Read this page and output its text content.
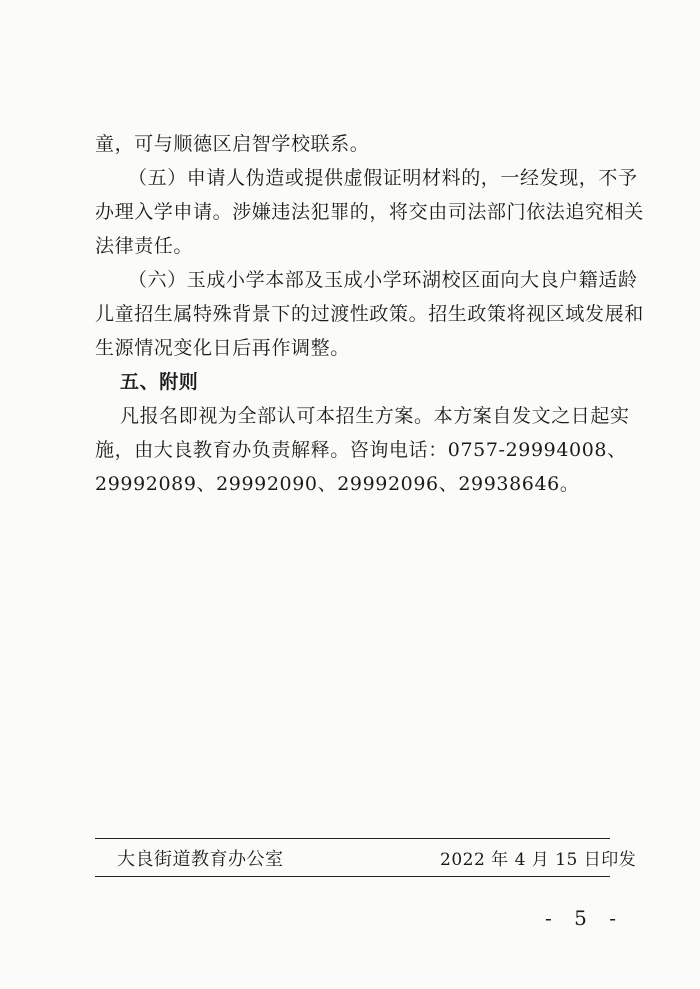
童，可与顺德区启智学校联系。

（五）申请人伪造或提供虚假证明材料的，一经发现，不予
办理入学申请。涉嫌违法犯罪的，将交由司法部门依法追究相关
法律责任。

（六）玉成小学本部及玉成小学环湖校区面向大良户籍适龄
儿童招生属特殊背景下的过渡性政策。招生政策将视区域发展和
生源情况变化日后再作调整。

五、附则

凡报名即视为全部认可本招生方案。本方案自发文之日起实
施，由大良教育办负责解释。咨询电话：0757-29994008、
29992089、29992090、29992096、29938646。

大良街道教育办公室	2022 年 4 月 15 日印发
- 5 -
